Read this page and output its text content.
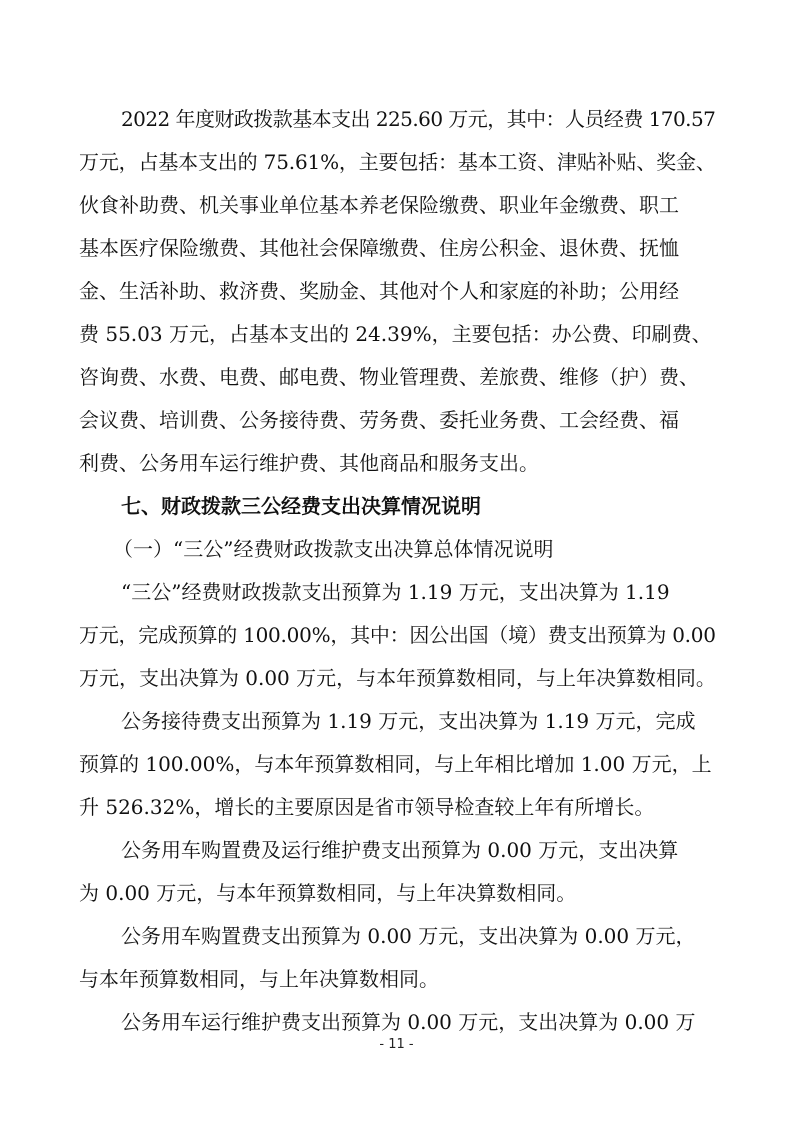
2022 年度财政拨款基本支出 225.60 万元，其中：人员经费 170.57
万元，占基本支出的 75.61%，主要包括：基本工资、津贴补贴、奖金、
伙食补助费、机关事业单位基本养老保险缴费、职业年金缴费、职工
基本医疗保险缴费、其他社会保障缴费、住房公积金、退休费、抚恤
金、生活补助、救济费、奖励金、其他对个人和家庭的补助；公用经
费 55.03 万元，占基本支出的 24.39%，主要包括：办公费、印刷费、
咨询费、水费、电费、邮电费、物业管理费、差旅费、维修（护）费、
会议费、培训费、公务接待费、劳务费、委托业务费、工会经费、福
利费、公务用车运行维护费、其他商品和服务支出。
七、财政拨款三公经费支出决算情况说明
（一）“三公”经费财政拨款支出决算总体情况说明
“三公”经费财政拨款支出预算为 1.19 万元，支出决算为 1.19
万元，完成预算的 100.00%，其中：因公出国（境）费支出预算为 0.00
万元，支出决算为 0.00 万元，与本年预算数相同，与上年决算数相同。
公务接待费支出预算为 1.19 万元，支出决算为 1.19 万元，完成
预算的 100.00%，与本年预算数相同，与上年相比增加 1.00 万元，上
升 526.32%，增长的主要原因是省市领导检查较上年有所增长。
公务用车购置费及运行维护费支出预算为 0.00 万元，支出决算
为 0.00 万元，与本年预算数相同，与上年决算数相同。
公务用车购置费支出预算为 0.00 万元，支出决算为 0.00 万元，
与本年预算数相同，与上年决算数相同。
公务用车运行维护费支出预算为 0.00 万元，支出决算为 0.00 万
- 11 -
